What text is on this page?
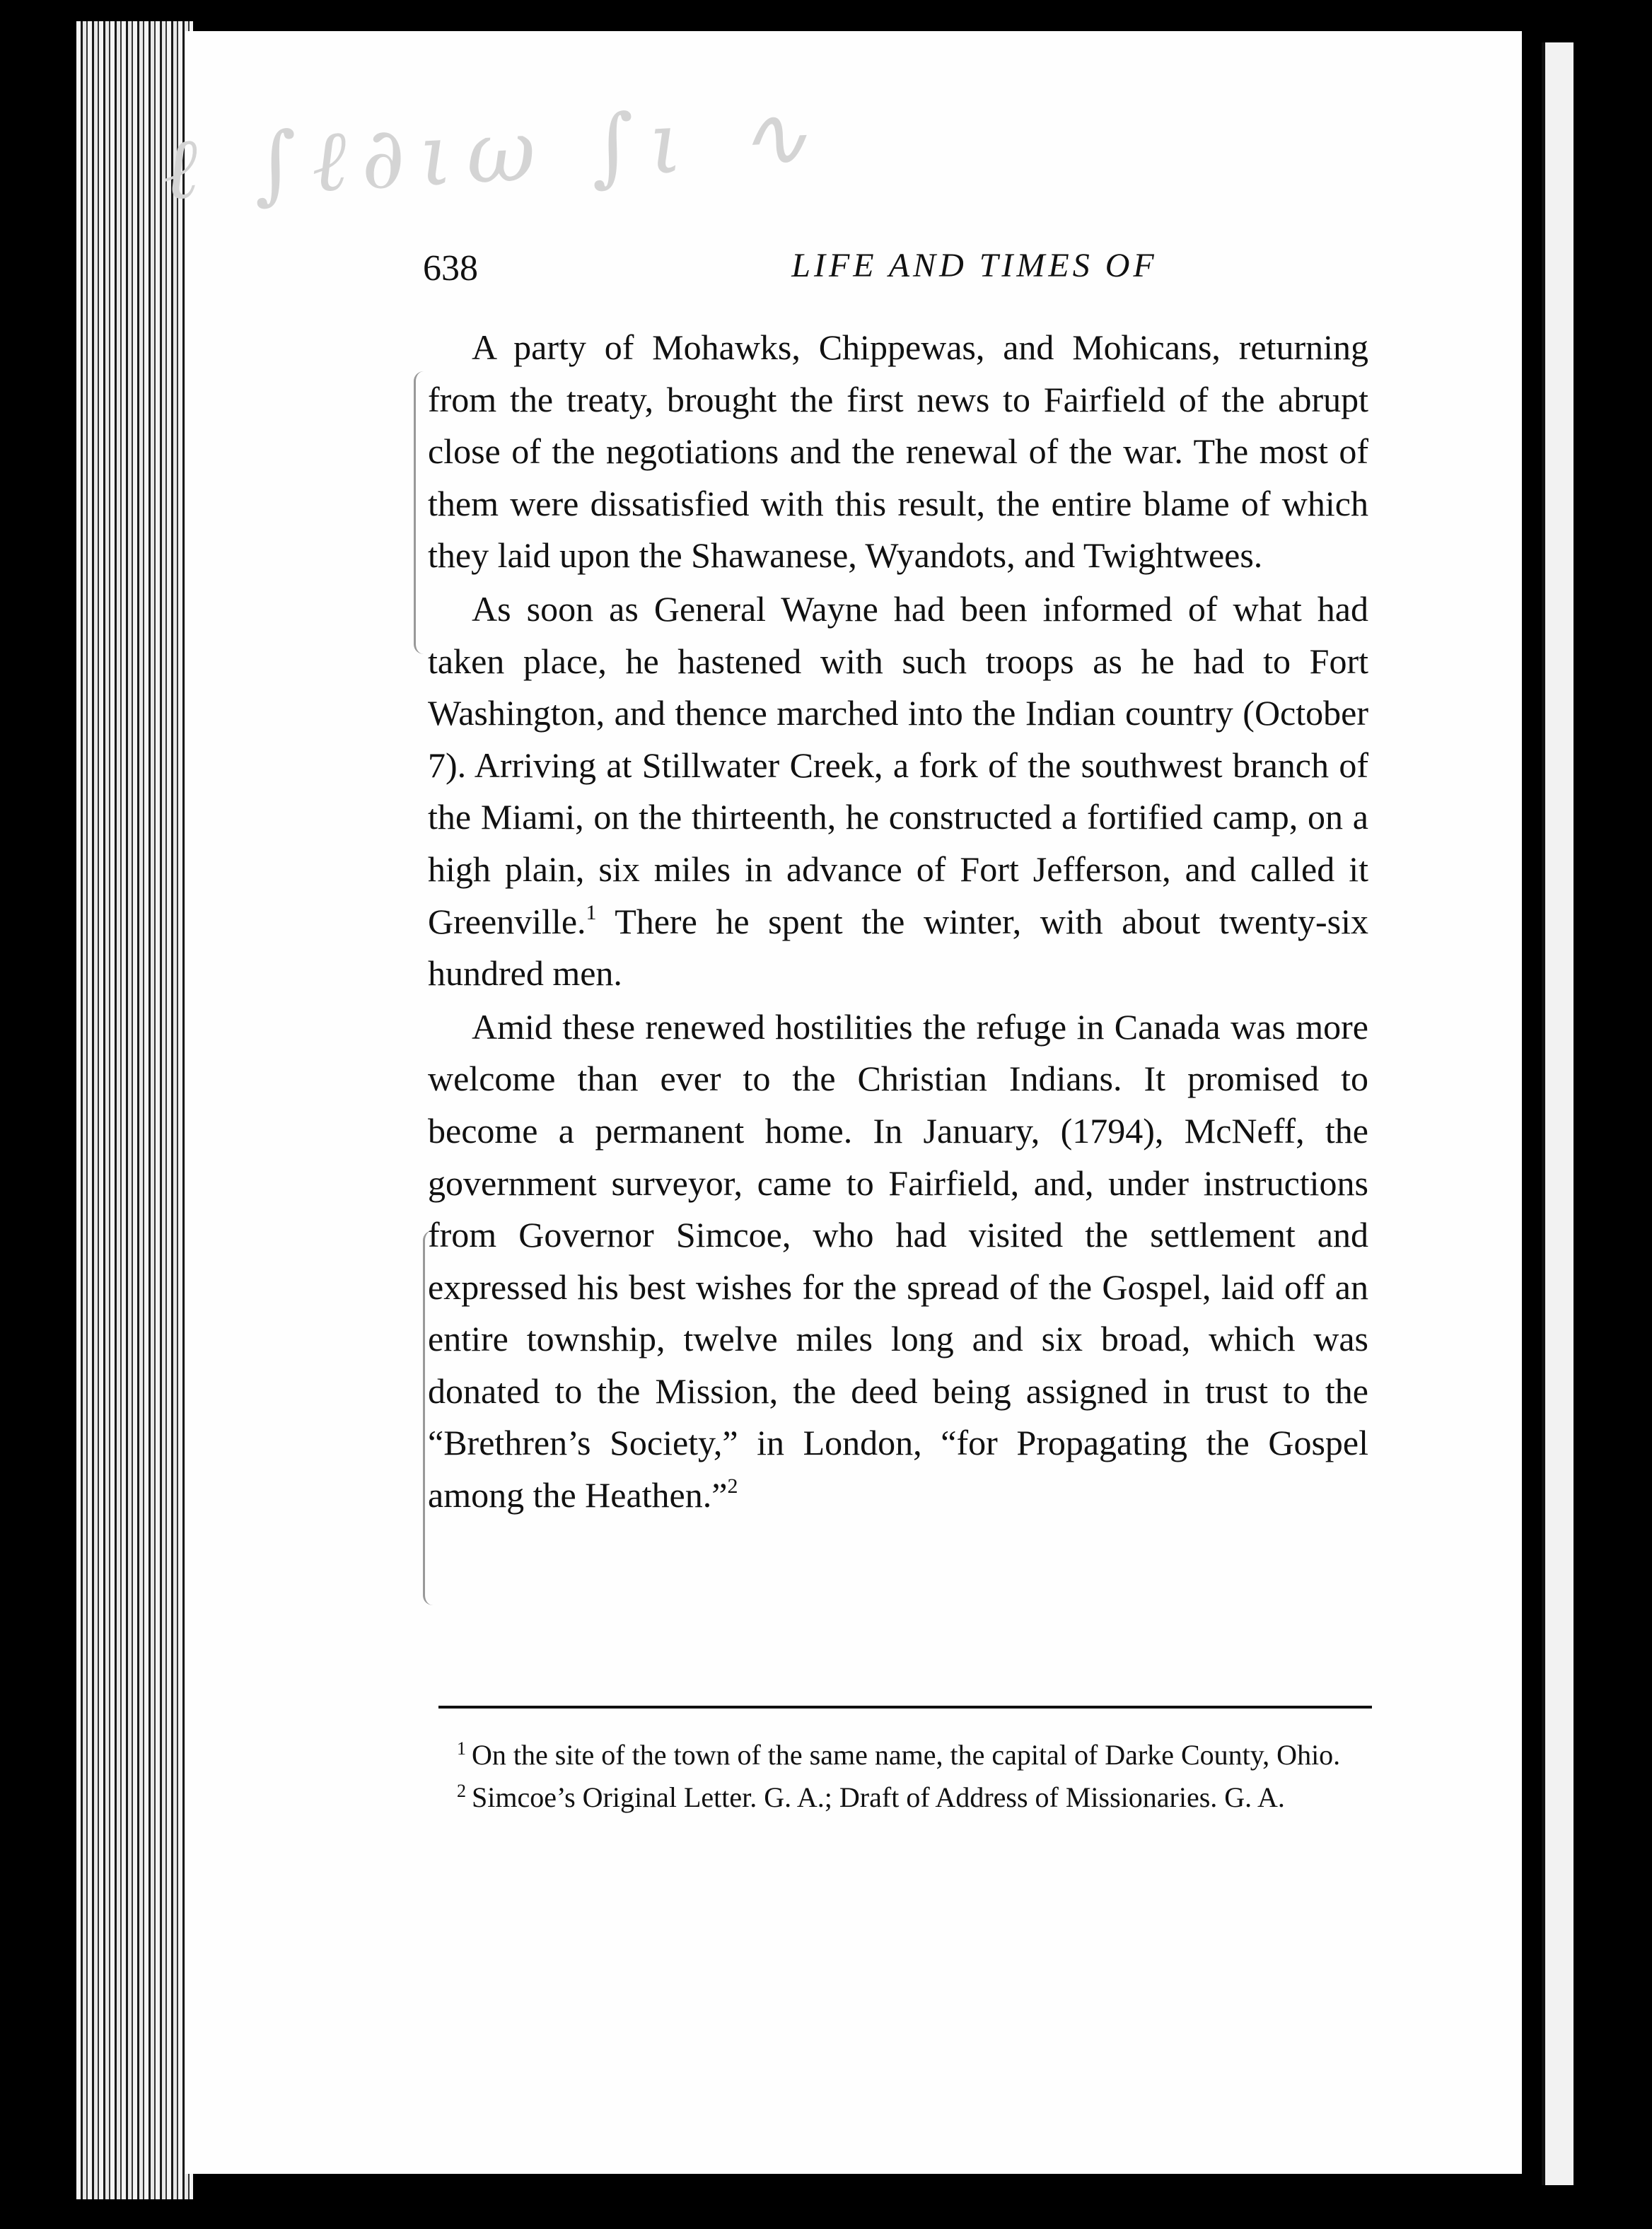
ℓ ∫ℓ∂ιω ∫ι ∿
638	LIFE AND TIMES OF

A party of Mohawks, Chippewas, and Mohicans, returning from the treaty, brought the first news to Fairfield of the abrupt close of the negotiations and the renewal of the war. The most of them were dissatisfied with this result, the entire blame of which they laid upon the Shawanese, Wyandots, and Twightwees.

As soon as General Wayne had been informed of what had taken place, he hastened with such troops as he had to Fort Washington, and thence marched into the Indian country (October 7). Arriving at Stillwater Creek, a fork of the southwest branch of the Miami, on the thirteenth, he constructed a fortified camp, on a high plain, six miles in advance of Fort Jefferson, and called it Greenville.$^1$ There he spent the winter, with about twenty-six hundred men.

Amid these renewed hostilities the refuge in Canada was more welcome than ever to the Christian Indians. It promised to become a permanent home. In January, (1794), McNeff, the government surveyor, came to Fairfield, and, under instructions from Governor Simcoe, who had visited the settlement and expressed his best wishes for the spread of the Gospel, laid off an entire township, twelve miles long and six broad, which was donated to the Mission, the deed being assigned in trust to the “Brethren’s Society,” in London, “for Propagating the Gospel among the Heathen.”$^2$

$^1$ On the site of the town of the same name, the capital of Darke County, Ohio.

$^2$ Simcoe’s Original Letter. G. A.; Draft of Address of Missionaries. G. A.
